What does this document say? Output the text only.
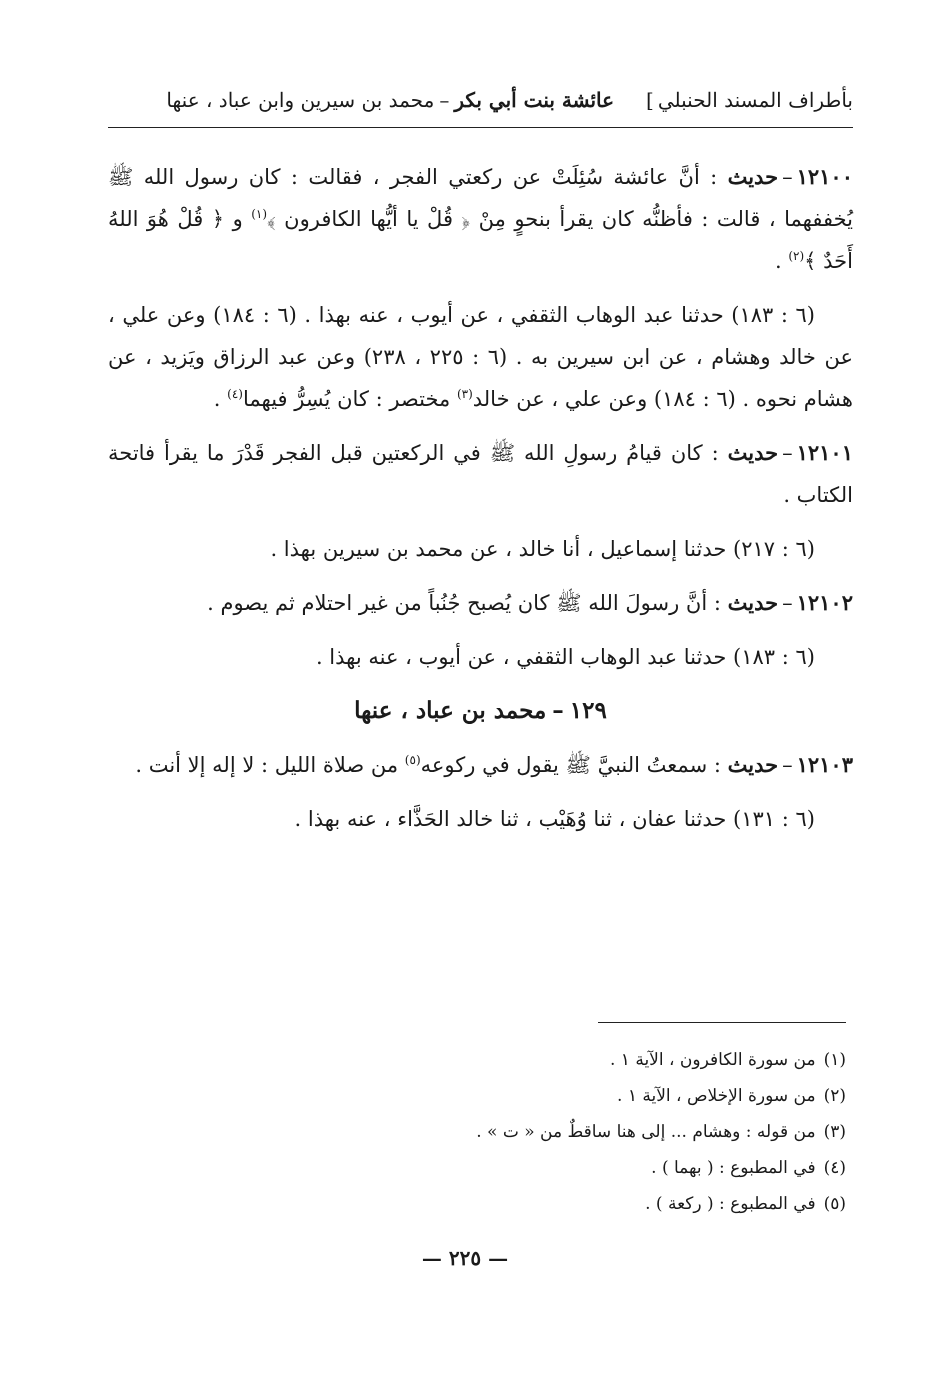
بأطراف المسند الحنبلي]عائشة بنت أبي بكر–محمد بن سيرين وابن عباد ، عنها

١٢١٠٠–حديث : أنَّ عائشة سُئِلَتْ عن ركعتي الفجر ، فقالت : كان رسول الله ﷺ يُخففهما ، قالت : فأظنُّه كان يقرأ بنحوٍ مِنْ ﴿ قُلْ يا أيُّها الكافرون ﴾$^{(١)}$ و ﴿ قُلْ هُوَ اللهُ أَحَدٌ ﴾$^{(٢)}$ .

(٦ : ١٨٣) حدثنا عبد الوهاب الثقفي ، عن أيوب ، عنه بهذا . (٦ : ١٨٤) وعن علي ، عن خالد وهشام ، عن ابن سيرين به . (٦ : ٢٢٥ ، ٢٣٨) وعن عبد الرزاق ويَزيد ، عن هشام نحوه . (٦ : ١٨٤) وعن علي ، عن خالد$^{(٣)}$ مختصر : كان يُسِرُّ فيهما$^{(٤)}$ .

١٢١٠١–حديث : كان قيامُ رسولِ الله ﷺ في الركعتين قبل الفجر قَدْرَ ما يقرأ فاتحة الكتاب .

(٦ : ٢١٧) حدثنا إسماعيل ، أنا خالد ، عن محمد بن سيرين بهذا .

١٢١٠٢–حديث : أنَّ رسولَ الله ﷺ كان يُصبح جُنُباً من غير احتلام ثم يصوم .

(٦ : ١٨٣) حدثنا عبد الوهاب الثقفي ، عن أيوب ، عنه بهذا .

١٢٩–محمد بن عباد ، عنها

١٢١٠٣–حديث : سمعتُ النبيَّ ﷺ يقول في ركوعه$^{(٥)}$ من صلاة الليل : لا إله إلا أنت .

(٦ : ١٣١) حدثنا عفان ، ثنا وُهَيْب ، ثنا خالد الحَذَّاء ، عنه بهذا .

(١)من سورة الكافرون ، الآية ١ .
(٢)من سورة الإخلاص ، الآية ١ .
(٣)من قوله : وهشام ... إلى هنا ساقطٌ من « ت » .
(٤)في المطبوع : ( بهما ) .
(٥)في المطبوع : ( ركعة ) .
— ٢٢٥ —
